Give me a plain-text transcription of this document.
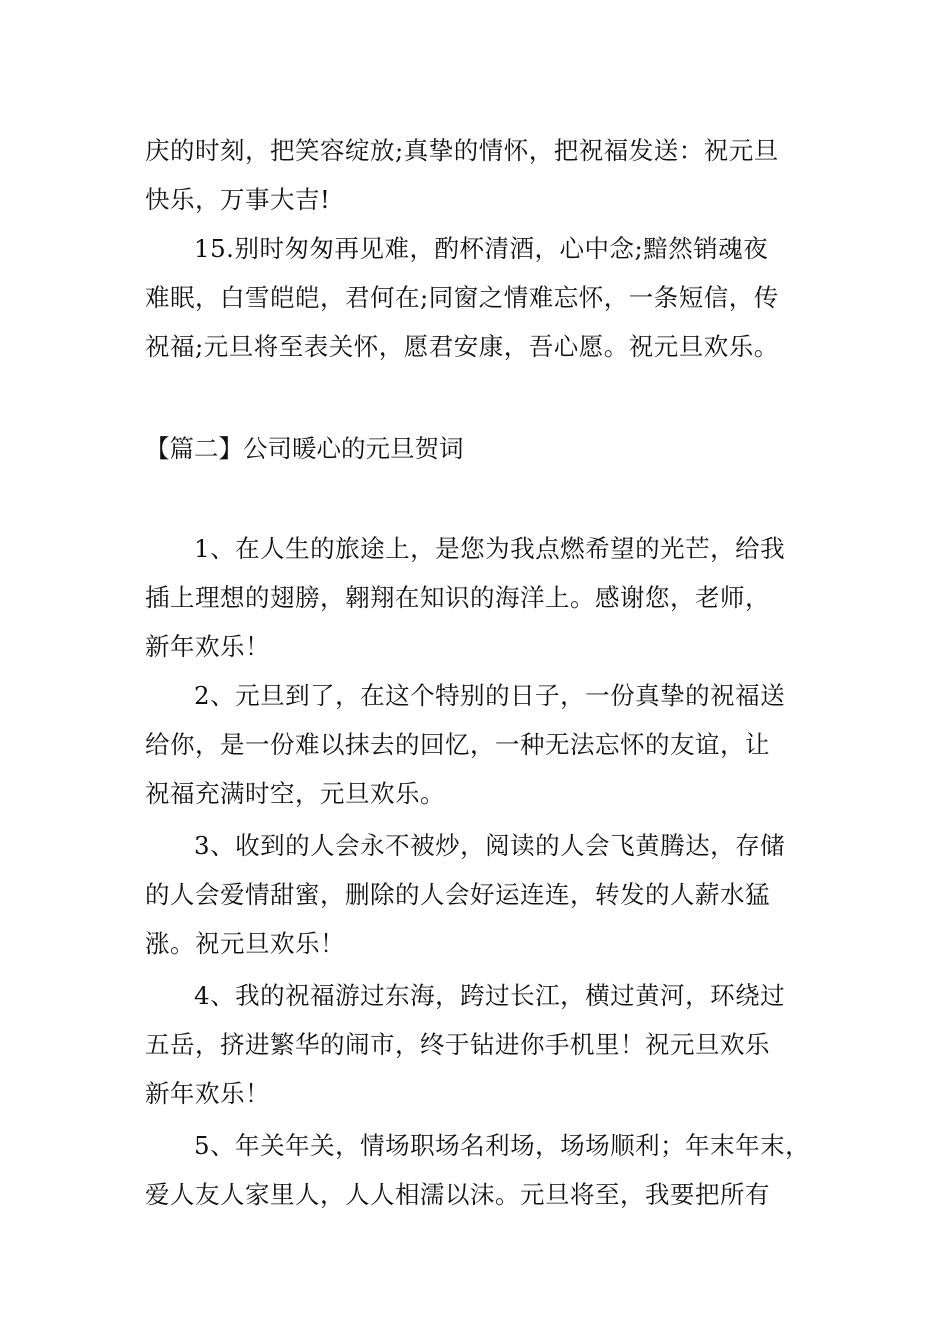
庆的时刻，把笑容绽放;真挚的情怀，把祝福发送：祝元旦
快乐，万事大吉!

15.别时匆匆再见难，酌杯清酒，心中念;黯然销魂夜
难眠，白雪皑皑，君何在;同窗之情难忘怀，一条短信，传
祝福;元旦将至表关怀，愿君安康，吾心愿。祝元旦欢乐。

【篇二】公司暖心的元旦贺词

1、在人生的旅途上，是您为我点燃希望的光芒，给我
插上理想的翅膀，翱翔在知识的海洋上。感谢您，老师，
新年欢乐！

2、元旦到了，在这个特别的日子，一份真挚的祝福送
给你，是一份难以抹去的回忆，一种无法忘怀的友谊，让
祝福充满时空，元旦欢乐。

3、收到的人会永不被炒，阅读的人会飞黄腾达，存储
的人会爱情甜蜜，删除的人会好运连连，转发的人薪水猛
涨。祝元旦欢乐！

4、我的祝福游过东海，跨过长江，横过黄河，环绕过
五岳，挤进繁华的闹市，终于钻进你手机里！祝元旦欢乐
新年欢乐！

5、年关年关，情场职场名利场，场场顺利；年末年末，
爱人友人家里人，人人相濡以沫。元旦将至，我要把所有
